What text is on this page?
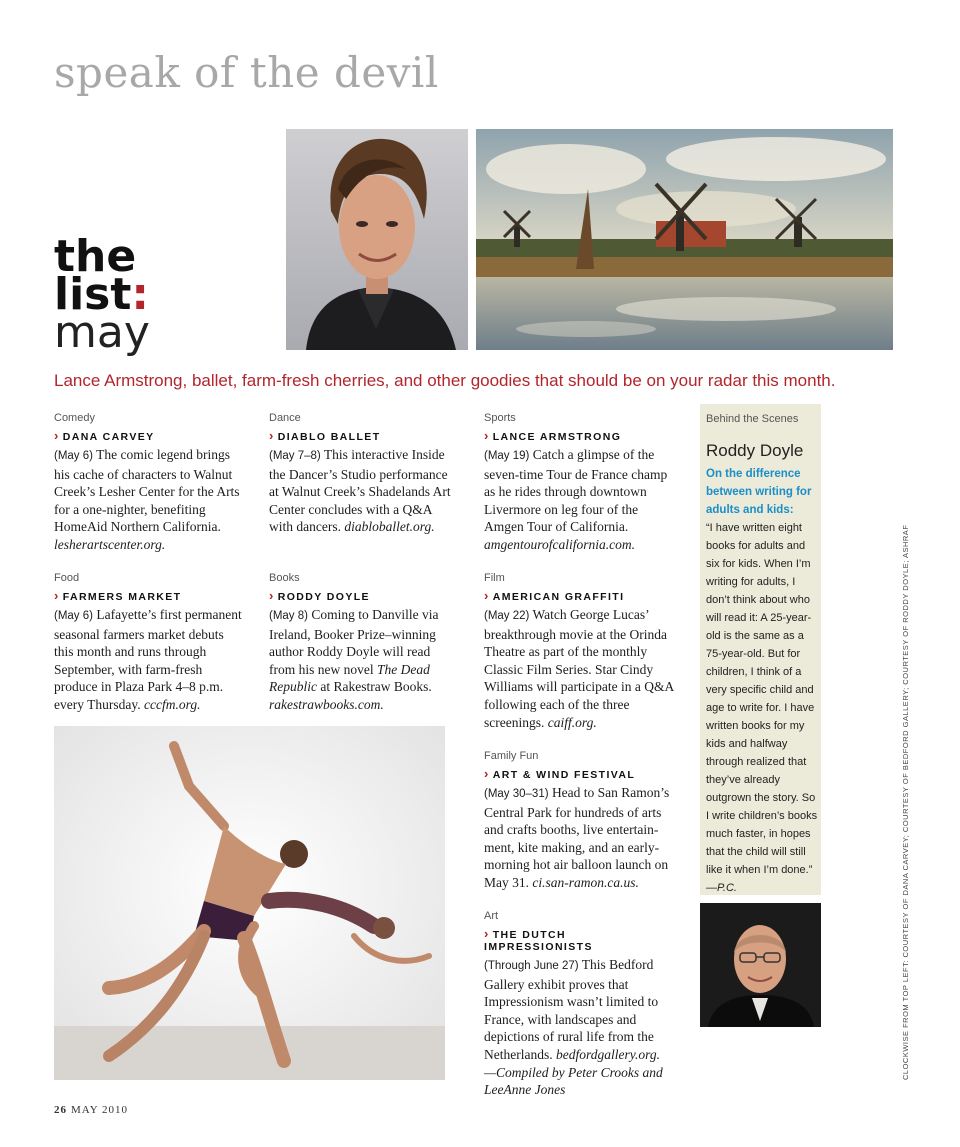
speak of the devil
the
list:
may
Lance Armstrong, ballet, farm-fresh cherries, and other goodies that should be on your radar this month.
Comedy
› DANA CARVEY

(May 6) The comic legend brings his cache of characters to Walnut Creek’s Lesher Center for the Arts for a one-nighter, benefiting HomeAid Northern California. lesherartscenter.org.

Food
› FARMERS MARKET

(May 6) Lafayette’s first permanent seasonal farmers market debuts this month and runs through September, with farm-fresh produce in Plaza Park 4–8 p.m. every Thursday. cccfm.org.

Dance
› DIABLO BALLET

(May 7–8) This interactive Inside the Dancer’s Studio performance at Walnut Creek’s Shadelands Art Center concludes with a Q&A with dancers. diabloballet.org.

Books
› RODDY DOYLE

(May 8) Coming to Danville via Ireland, Booker Prize–winning author Roddy Doyle will read from his new novel The Dead Republic at Rakestraw Books. rakestrawbooks.com.

Sports
› LANCE ARMSTRONG

(May 19) Catch a glimpse of the seven-time Tour de France champ as he rides through downtown Livermore on leg four of the Amgen Tour of California. amgentourofcalifornia.com.

Film
› AMERICAN GRAFFITI

(May 22) Watch George Lucas’ breakthrough movie at the Orinda Theatre as part of the monthly Classic Film Series. Star Cindy Williams will participate in a Q&A following each of the three screenings. caiff.org.

Family Fun
› ART & WIND FESTIVAL

(May 30–31) Head to San Ramon’s Central Park for hundreds of arts and crafts booths, live entertainment, kite making, and an early-morning hot air balloon launch on May 31. ci.san-ramon.ca.us.

Art
› THE DUTCH IMPRESSIONISTS

(Through June 27) This Bedford Gallery exhibit proves that Impressionism wasn’t limited to France, with landscapes and depictions of rural life from the Netherlands. bedfordgallery.org.
—Compiled by Peter Crooks and LeeAnne Jones

Behind the Scenes
Roddy Doyle
On the difference between writing for adults and kids:
“I have written eight books for adults and six for kids. When I’m writing for adults, I don’t think about who will read it: A 25-year-old is the same as a 75-year-old. But for children, I think of a very specific child and age to write for. I have written books for my kids and halfway through realized that they’ve already outgrown the story. So I write children’s books much faster, in hopes that the child will still like it when I’m done.” —P.C.	CLOCKWISE FROM TOP LEFT: COURTESY OF DANA CARVEY; COURTESY OF BEDFORD GALLERY; COURTESY OF RODDY DOYLE; ASHRAF
26 MAY 2010
